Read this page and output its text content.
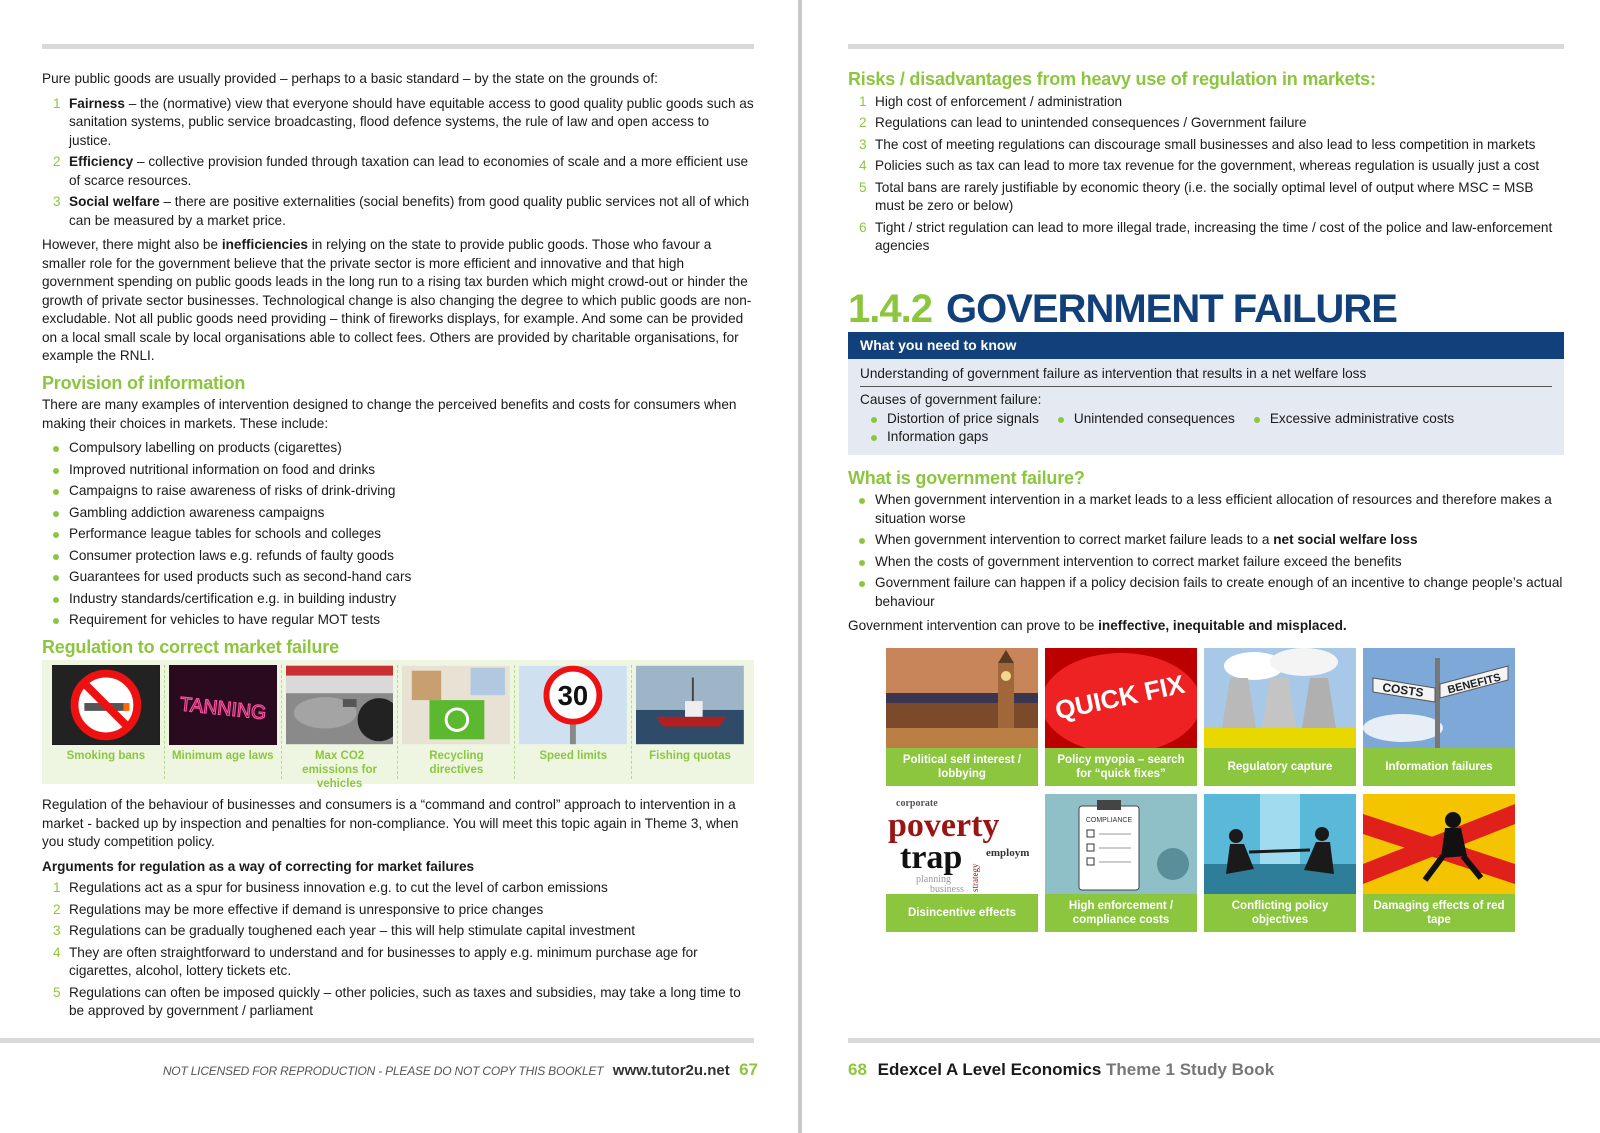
Pure public goods are usually provided – perhaps to a basic standard – by the state on the grounds of:

1 Fairness – the (normative) view that everyone should have equitable access to good quality public goods such as sanitation systems, public service broadcasting, flood defence systems, the rule of law and open access to justice.
2 Efficiency – collective provision funded through taxation can lead to economies of scale and a more efficient use of scarce resources.
3 Social welfare – there are positive externalities (social benefits) from good quality public services not all of which can be measured by a market price.

However, there might also be inefficiencies in relying on the state to provide public goods. Those who favour a smaller role for the government believe that the private sector is more efficient and innovative and that high government spending on public goods leads in the long run to a rising tax burden which might crowd-out or hinder the growth of private sector businesses. Technological change is also changing the degree to which public goods are non-excludable. Not all public goods need providing – think of fireworks displays, for example. And some can be provided on a local small scale by local organisations able to collect fees. Others are provided by charitable organisations, for example the RNLI.

Provision of information

There are many examples of intervention designed to change the perceived benefits and costs for consumers when making their choices in markets. These include:

Compulsory labelling on products (cigarettes)
Improved nutritional information on food and drinks
Campaigns to raise awareness of risks of drink-driving
Gambling addiction awareness campaigns
Performance league tables for schools and colleges
Consumer protection laws e.g. refunds of faulty goods
Guarantees for used products such as second-hand cars
Industry standards/certification e.g. in building industry
Requirement for vehicles to have regular MOT tests
Regulation to correct market failure
Smoking bans
TANNING
Minimum age laws	Max CO2 emissions for vehicles
Recycling directives
30
Speed limits	Fishing quotas

Regulation of the behaviour of businesses and consumers is a “command and control” approach to intervention in a market - backed up by inspection and penalties for non-compliance. You will meet this topic again in Theme 3, when you study competition policy.

Arguments for regulation as a way of correcting for market failures
1 Regulations act as a spur for business innovation e.g. to cut the level of carbon emissions
2 Regulations may be more effective if demand is unresponsive to price changes
3 Regulations can be gradually toughened each year – this will help stimulate capital investment
4 They are often straightforward to understand and for businesses to apply e.g. minimum purchase age for cigarettes, alcohol, lottery tickets etc.
5 Regulations can often be imposed quickly – other policies, such as taxes and subsidies, may take a long time to be approved by government / parliament
NOT LICENSED FOR REPRODUCTION - PLEASE DO NOT COPY THIS BOOKLET www.tutor2u.net 67
Risks / disadvantages from heavy use of regulation in markets:
1 High cost of enforcement / administration
2 Regulations can lead to unintended consequences / Government failure
3 The cost of meeting regulations can discourage small businesses and also lead to less competition in markets
4 Policies such as tax can lead to more tax revenue for the government, whereas regulation is usually just a cost
5 Total bans are rarely justifiable by economic theory (i.e. the socially optimal level of output where MSC = MSB must be zero or below)
6 Tight / strict regulation can lead to more illegal trade, increasing the time / cost of the police and law-enforcement agencies
1.4.2 GOVERNMENT FAILURE
What you need to know
Understanding of government failure as intervention that results in a net welfare loss
Causes of government failure:
Distortion of price signals	Unintended consequences	Excessive administrative costs
Information gaps
What is government failure?
When government intervention in a market leads to a less efficient allocation of resources and therefore makes a situation worse
When government intervention to correct market failure leads to a net social welfare loss
When the costs of government intervention to correct market failure exceed the benefits
Government failure can happen if a policy decision fails to create enough of an incentive to change people’s actual behaviour

Government intervention can prove to be ineffective, inequitable and misplaced.

Political self interest / lobbying
QUICK FIX
Policy myopia – search for “quick fixes”
Regulatory capture
COSTS BENEFITS
Information failures
corporate
poverty
trap
planning
business
employm
strategy
Disincentive effects
COMPLIANCE
High enforcement / compliance costs
Conflicting policy objectives
Damaging effects of red tape
68 Edexcel A Level Economics Theme 1 Study Book
